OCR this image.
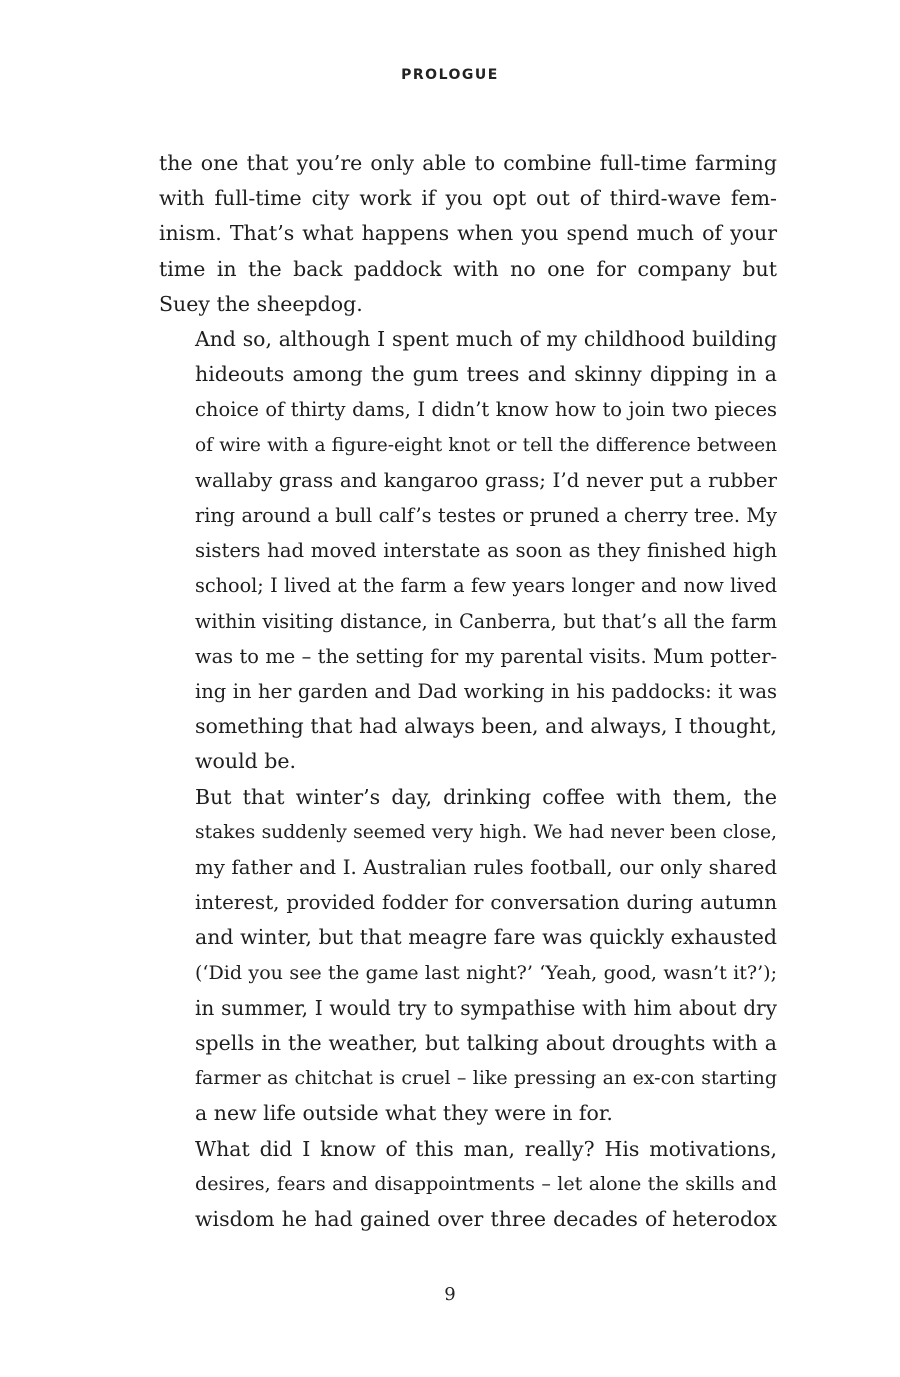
PROLOGUE

the one that you’re only able to combine full-time farming
with full-time city work if you opt out of third-wave fem-
inism. That’s what happens when you spend much of your
time in the back paddock with no one for company but
Suey the sheepdog.

And so, although I spent much of my childhood building
hideouts among the gum trees and skinny dipping in a
choice of thirty dams, I didn’t know how to join two pieces
of wire with a figure-eight knot or tell the difference between
wallaby grass and kangaroo grass; I’d never put a rubber
ring around a bull calf’s testes or pruned a cherry tree. My
sisters had moved interstate as soon as they finished high
school; I lived at the farm a few years longer and now lived
within visiting distance, in Canberra, but that’s all the farm
was to me – the setting for my parental visits. Mum potter-
ing in her garden and Dad working in his paddocks: it was
something that had always been, and always, I thought,
would be.

But that winter’s day, drinking coffee with them, the
stakes suddenly seemed very high. We had never been close,
my father and I. Australian rules football, our only shared
interest, provided fodder for conversation during autumn
and winter, but that meagre fare was quickly exhausted
(‘Did you see the game last night?’ ‘Yeah, good, wasn’t it?’);
in summer, I would try to sympathise with him about dry
spells in the weather, but talking about droughts with a
farmer as chitchat is cruel – like pressing an ex-con starting
a new life outside what they were in for.

What did I know of this man, really? His motivations,
desires, fears and disappointments – let alone the skills and
wisdom he had gained over three decades of heterodox

9
